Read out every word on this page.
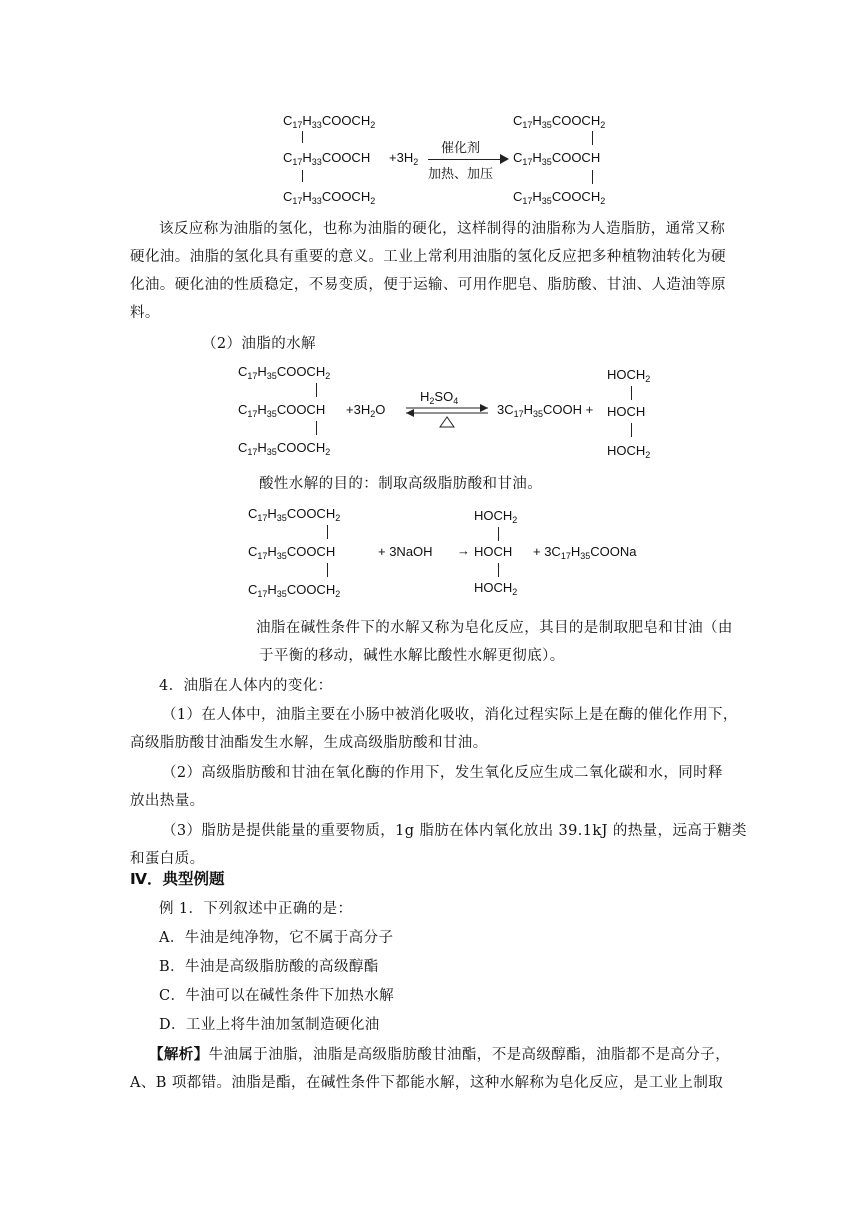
$C_{17}H_{33}COOCH_2$
$C_{17}H_{33}COOCH$
$C_{17}H_{33}COOCH_2$
$+3H_2$
催化剂
加热、加压
$C_{17}H_{35}COOCH_2$
$C_{17}H_{35}COOCH$
$C_{17}H_{35}COOCH_2$
该反应称为油脂的氢化，也称为油脂的硬化，这样制得的油脂称为人造脂肪，通常又称
硬化油。油脂的氢化具有重要的意义。工业上常利用油脂的氢化反应把多种植物油转化为硬
化油。硬化油的性质稳定，不易变质，便于运输、可用作肥皂、脂肪酸、甘油、人造油等原
料。
（2）油脂的水解
$C_{17}H_{35}COOCH_2$
$C_{17}H_{35}COOCH$
$C_{17}H_{35}COOCH_2$
$+3H_2O$
$H_2SO_4$
$3C_{17}H_{35}COOH$ +
$HOCH_2$
HOCH
$HOCH_2$
酸性水解的目的：制取高级脂肪酸和甘油。
$C_{17}H_{35}COOCH_2$
$C_{17}H_{35}COOCH$
$C_{17}H_{35}COOCH_2$
+ 3NaOH →
$HOCH_2$
HOCH
$HOCH_2$
+ $3C_{17}H_{35}COONa$
油脂在碱性条件下的水解又称为皂化反应，其目的是制取肥皂和甘油（由
于平衡的移动，碱性水解比酸性水解更彻底）。
4．油脂在人体内的变化：
（1）在人体中，油脂主要在小肠中被消化吸收，消化过程实际上是在酶的催化作用下，
高级脂肪酸甘油酯发生水解，生成高级脂肪酸和甘油。
（2）高级脂肪酸和甘油在氧化酶的作用下，发生氧化反应生成二氧化碳和水，同时释
放出热量。
（3）脂肪是提供能量的重要物质，1g 脂肪在体内氧化放出 39.1kJ 的热量，远高于糖类
和蛋白质。
Ⅳ．典型例题
例 1．下列叙述中正确的是：
A．牛油是纯净物，它不属于高分子
B．牛油是高级脂肪酸的高级醇酯
C．牛油可以在碱性条件下加热水解
D．工业上将牛油加氢制造硬化油
【解析】牛油属于油脂，油脂是高级脂肪酸甘油酯，不是高级醇酯，油脂都不是高分子，
A、B 项都错。油脂是酯，在碱性条件下都能水解，这种水解称为皂化反应，是工业上制取
